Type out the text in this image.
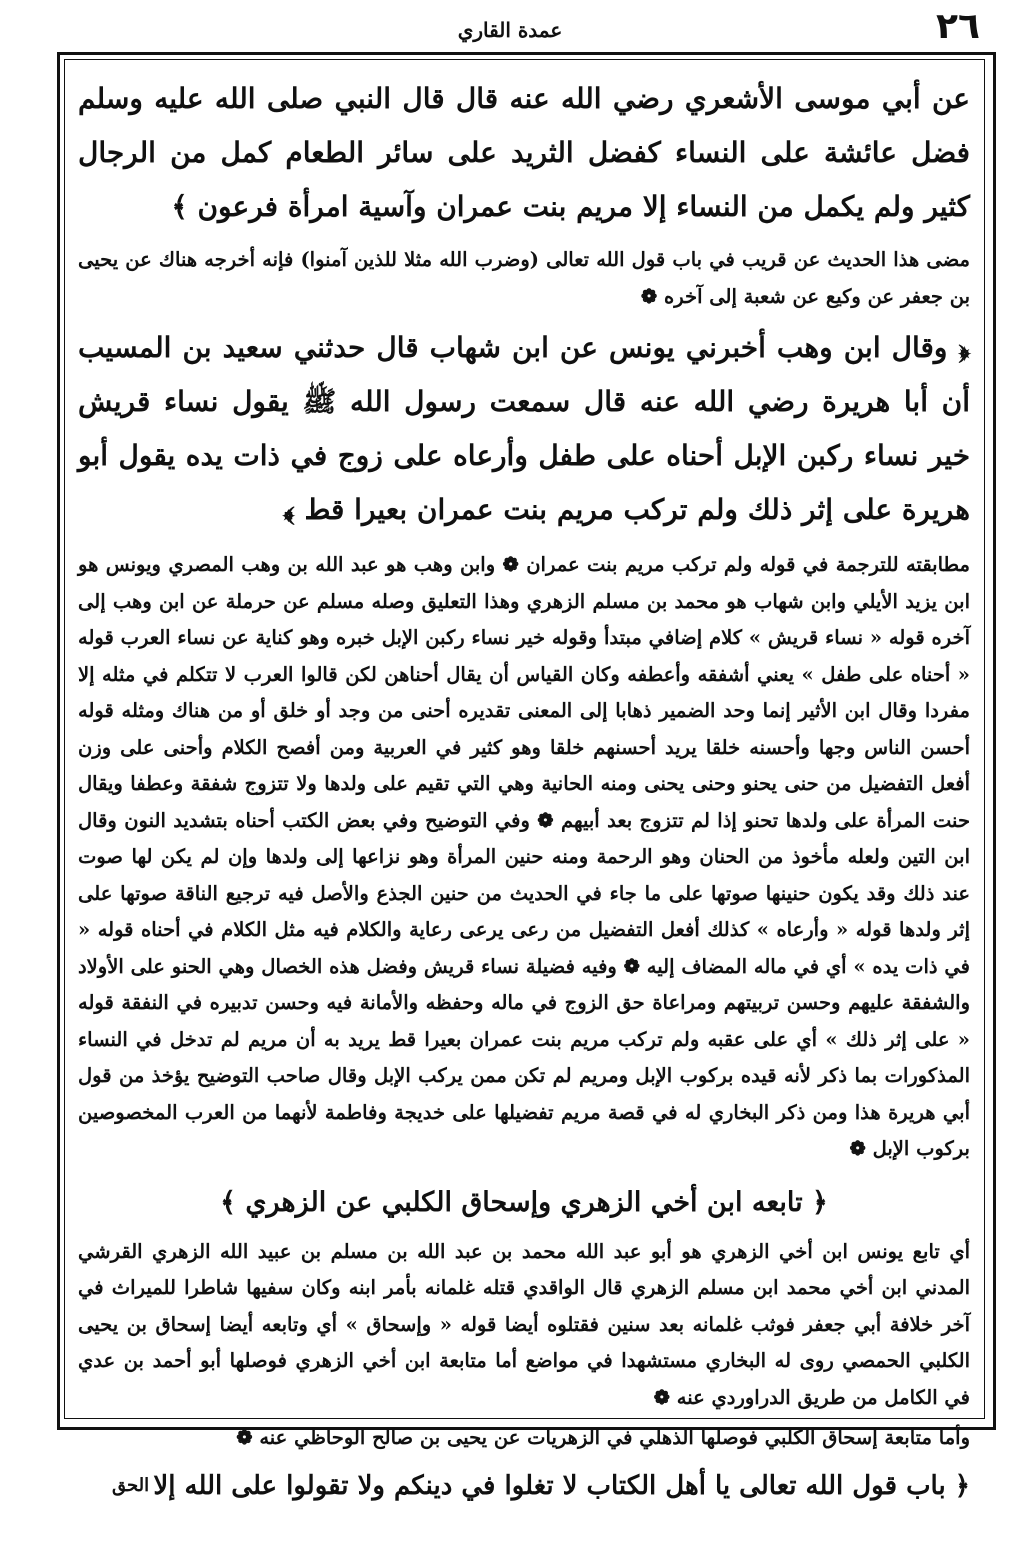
٢٦
عمدة القاري

عن أبي موسى الأشعري رضي الله عنه قال قال النبي صلى الله عليه وسلم فضل عائشة على النساء كفضل الثريد على سائر الطعام كمل من الرجال كثير ولم يكمل من النساء إلا مريم بنت عمران وآسية امرأة فرعون ﴾

مضى هذا الحديث عن قريب في باب قول الله تعالى (وضرب الله مثلا للذين آمنوا) فإنه أخرجه هناك عن يحيى بن جعفر عن وكيع عن شعبة إلى آخره ❁

﴿ وقال ابن وهب أخبرني يونس عن ابن شهاب قال حدثني سعيد بن المسيب أن أبا هريرة رضي الله عنه قال سمعت رسول الله ﷺ يقول نساء قريش خير نساء ركبن الإبل أحناه على طفل وأرعاه على زوج في ذات يده يقول أبو هريرة على إثر ذلك ولم تركب مريم بنت عمران بعيرا قط ﴾

مطابقته للترجمة في قوله ولم تركب مريم بنت عمران ❁ وابن وهب هو عبد الله بن وهب المصري ويونس هو ابن يزيد الأيلي وابن شهاب هو محمد بن مسلم الزهري وهذا التعليق وصله مسلم عن حرملة عن ابن وهب إلى آخره قوله « نساء قريش » كلام إضافي مبتدأ وقوله خير نساء ركبن الإبل خبره وهو كناية عن نساء العرب قوله « أحناه على طفل » يعني أشفقه وأعطفه وكان القياس أن يقال أحناهن لكن قالوا العرب لا تتكلم في مثله إلا مفردا وقال ابن الأثير إنما وحد الضمير ذهابا إلى المعنى تقديره أحنى من وجد أو خلق أو من هناك ومثله قوله أحسن الناس وجها وأحسنه خلقا يريد أحسنهم خلقا وهو كثير في العربية ومن أفصح الكلام وأحنى على وزن أفعل التفضيل من حنى يحنو وحنى يحنى ومنه الحانية وهي التي تقيم على ولدها ولا تتزوج شفقة وعطفا ويقال حنت المرأة على ولدها تحنو إذا لم تتزوج بعد أبيهم ❁ وفي التوضيح وفي بعض الكتب أحناه بتشديد النون وقال ابن التين ولعله مأخوذ من الحنان وهو الرحمة ومنه حنين المرأة وهو نزاعها إلى ولدها وإن لم يكن لها صوت عند ذلك وقد يكون حنينها صوتها على ما جاء في الحديث من حنين الجذع والأصل فيه ترجيع الناقة صوتها على إثر ولدها قوله « وأرعاه » كذلك أفعل التفضيل من رعى يرعى رعاية والكلام فيه مثل الكلام في أحناه قوله « في ذات يده » أي في ماله المضاف إليه ❁ وفيه فضيلة نساء قريش وفضل هذه الخصال وهي الحنو على الأولاد والشفقة عليهم وحسن تربيتهم ومراعاة حق الزوج في ماله وحفظه والأمانة فيه وحسن تدبيره في النفقة قوله « على إثر ذلك » أي على عقبه ولم تركب مريم بنت عمران بعيرا قط يريد به أن مريم لم تدخل في النساء المذكورات بما ذكر لأنه قيده بركوب الإبل ومريم لم تكن ممن يركب الإبل وقال صاحب التوضيح يؤخذ من قول أبي هريرة هذا ومن ذكر البخاري له في قصة مريم تفضيلها على خديجة وفاطمة لأنهما من العرب المخصوصين بركوب الإبل ❁

﴿ تابعه ابن أخي الزهري وإسحاق الكلبي عن الزهري ﴾

أي تابع يونس ابن أخي الزهري هو أبو عبد الله محمد بن عبد الله بن مسلم بن عبيد الله الزهري القرشي المدني ابن أخي محمد ابن مسلم الزهري قال الواقدي قتله غلمانه بأمر ابنه وكان سفيها شاطرا للميراث في آخر خلافة أبي جعفر فوثب غلمانه بعد سنين فقتلوه أيضا قوله « وإسحاق » أي وتابعه أيضا إسحاق بن يحيى الكلبي الحمصي روى له البخاري مستشهدا في مواضع أما متابعة ابن أخي الزهري فوصلها أبو أحمد بن عدي في الكامل من طريق الدراوردي عنه ❁

وأما متابعة إسحاق الكلبي فوصلها الذهلي في الزهريات عن يحيى بن صالح الوحاظي عنه ❁

﴿ باب قول الله تعالى يا أهل الكتاب لا تغلوا في دينكم ولا تقولوا على الله إلا

الحق
